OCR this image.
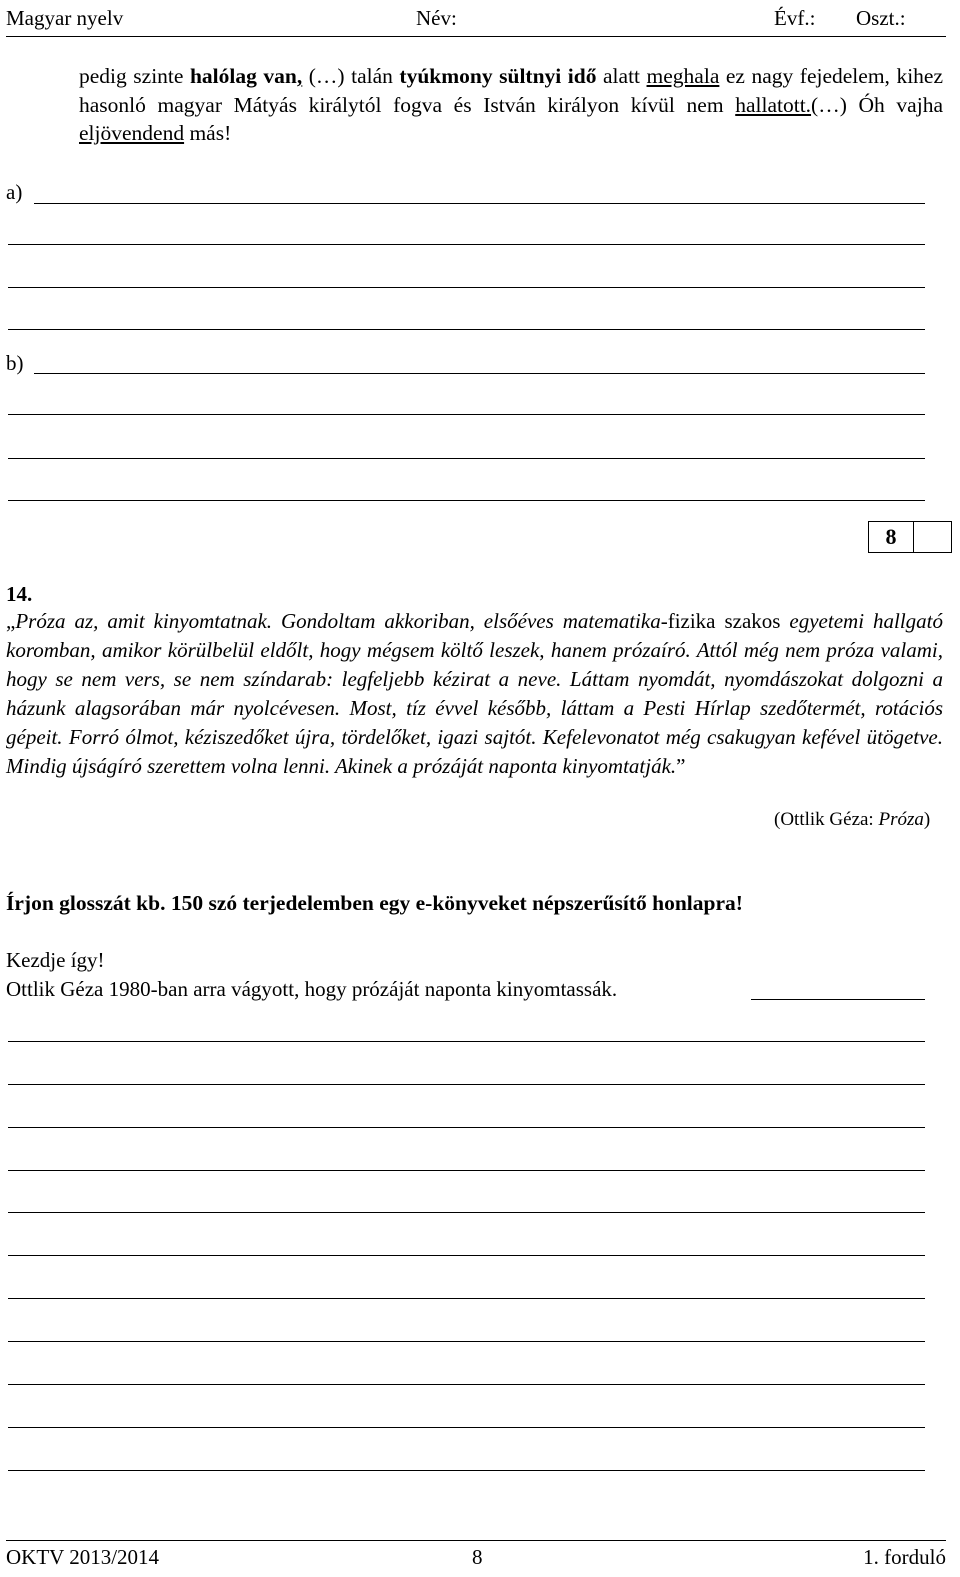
Magyar nyelv	Név:	Évf.: Oszt.:
pedig szinte halólag van, (…) talán tyúkmony sültnyi idő alatt meghala ez nagy fejedelem, kihez hasonló magyar Mátyás királytól fogva és István királyon kívül nem hallatott.(…) Óh vajha eljövendend más!
a)
b)
8
14.
„Próza az, amit kinyomtatnak. Gondoltam akkoriban, elsőéves matematika-fizika szakos egyetemi hallgató koromban, amikor körülbelül eldőlt, hogy mégsem költő leszek, hanem prózaíró. Attól még nem próza valami, hogy se nem vers, se nem színdarab: legfeljebb kézirat a neve. Láttam nyomdát, nyomdászokat dolgozni a házunk alagsorában már nyolcévesen. Most, tíz évvel később, láttam a Pesti Hírlap szedőtermét, rotációs gépeit. Forró ólmot, kéziszedőket újra, tördelőket, igazi sajtót. Kefelevonatot még csakugyan kefével ütögetve. Mindig újságíró szerettem volna lenni. Akinek a prózáját naponta kinyomtatják.”
(Ottlik Géza: Próza)
Írjon glosszát kb. 150 szó terjedelemben egy e-könyveket népszerűsítő honlapra!
Kezdje így!
Ottlik Géza 1980-ban arra vágyott, hogy prózáját naponta kinyomtassák.
OKTV 2013/2014	8	1. forduló
